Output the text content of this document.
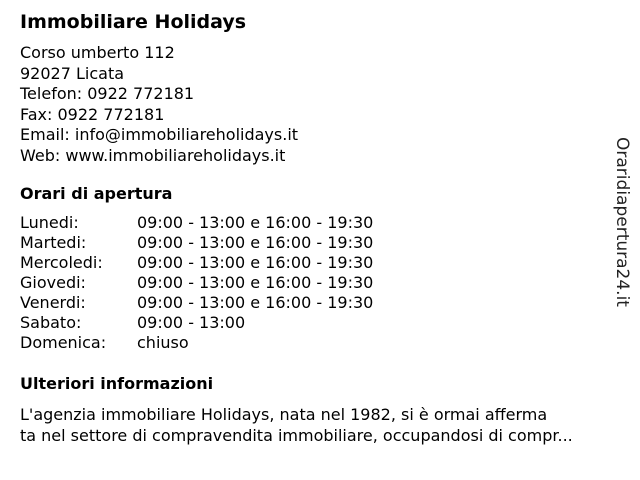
Immobiliare Holidays
Corso umberto 112
92027 Licata
Telefon: 0922 772181
Fax: 0922 772181
Email: info@immobiliareholidays.it
Web: www.immobiliareholidays.it
Orari di apertura
Lunedi:	09:00 - 13:00 e 16:00 - 19:30
Martedi:	09:00 - 13:00 e 16:00 - 19:30
Mercoledi: 09:00 - 13:00 e 16:00 - 19:30
Giovedi:	09:00 - 13:00 e 16:00 - 19:30
Venerdi:	09:00 - 13:00 e 16:00 - 19:30
Sabato:	09:00 - 13:00
Domenica: chiuso
Ulteriori informazioni
L'agenzia immobiliare Holidays, nata nel 1982, si è ormai afferma
ta nel settore di compravendita immobiliare, occupandosi di compr...
Oraridiapertura24.it
